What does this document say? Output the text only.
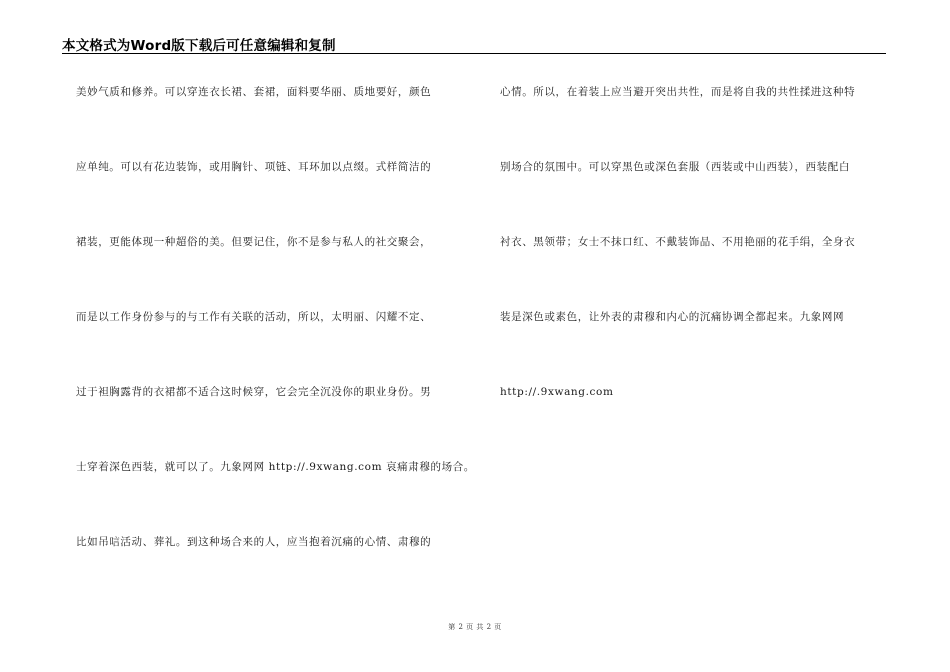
本文格式为Word版下载后可任意编辑和复制
美妙气质和修养。可以穿连衣长裙、套裙，面料要华丽、质地要好，颜色
应单纯。可以有花边装饰，或用胸针、项链、耳环加以点缀。式样简洁的
裙装，更能体现一种超俗的美。但要记住，你不是参与私人的社交聚会，
而是以工作身份参与的与工作有关联的活动，所以，太明丽、闪耀不定、
过于袒胸露背的衣裙都不适合这时候穿，它会完全沉没你的职业身份。男
士穿着深色西装，就可以了。九象网网 http://.9xwang.com 哀痛肃穆的场合。
比如吊唁活动、葬礼。到这种场合来的人，应当抱着沉痛的心情、肃穆的
心情。所以，在着装上应当避开突出共性，而是将自我的共性揉进这种特
别场合的氛围中。可以穿黑色或深色套服（西装或中山西装），西装配白
衬衣、黑领带；女士不抹口红、不戴装饰品、不用艳丽的花手绢，全身衣
装是深色或素色，让外表的肃穆和内心的沉痛协调全都起来。九象网网
http://.9xwang.com
第 2 页 共 2 页
